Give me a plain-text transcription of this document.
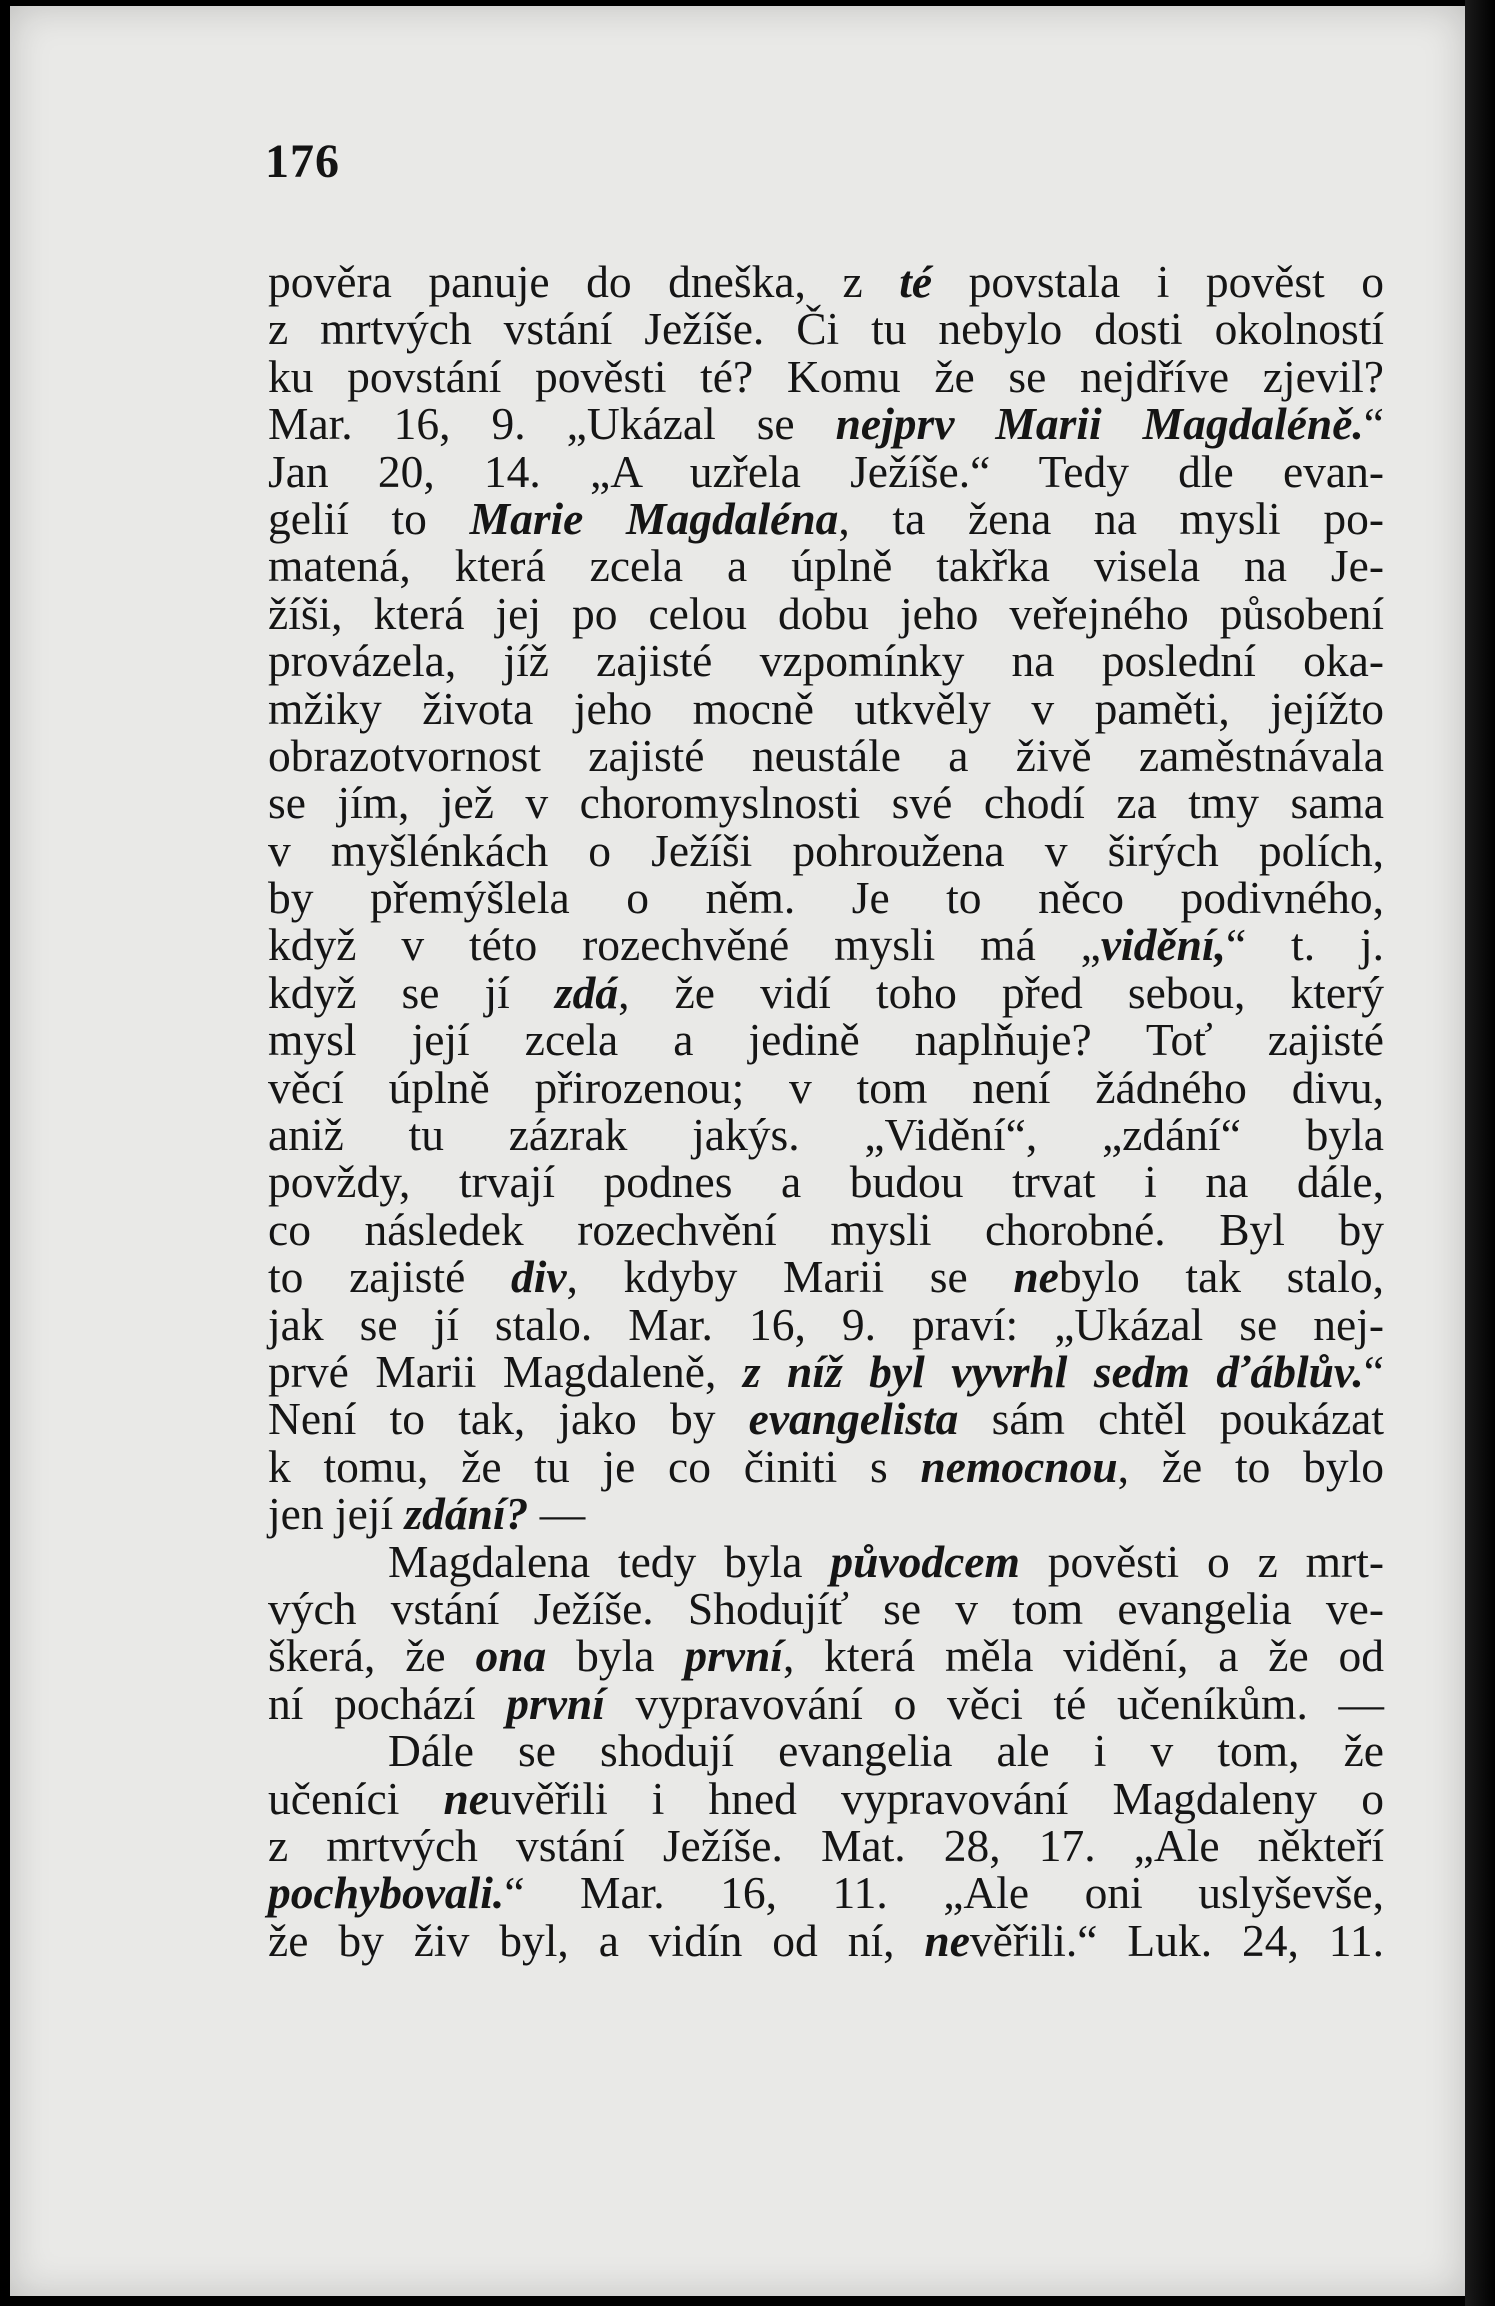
176
pověra panuje do dneška, z té povstala i pověst o
z mrtvých vstání Ježíše. Či tu nebylo dosti okolností
ku povstání pověsti té? Komu že se nejdříve zjevil?
Mar. 16, 9. „Ukázal se nejprv Marii Magdaléně.“
Jan 20, 14. „A uzřela Ježíše.“ Tedy dle evan-
gelií to Marie Magdaléna, ta žena na mysli po-
matená, která zcela a úplně takřka visela na Je-
žíši, která jej po celou dobu jeho veřejného působení
provázela, jíž zajisté vzpomínky na poslední oka-
mžiky života jeho mocně utkvěly v paměti, jejížto
obrazotvornost zajisté neustále a živě zaměstnávala
se jím, jež v choromyslnosti své chodí za tmy sama
v myšlénkách o Ježíši pohroužena v širých polích,
by přemýšlela o něm. Je to něco podivného,
když v této rozechvěné mysli má „vidění,“ t. j.
když se jí zdá, že vidí toho před sebou, který
mysl její zcela a jedině naplňuje? Toť zajisté
věcí úplně přirozenou; v tom není žádného divu,
aniž tu zázrak jakýs. „Vidění“, „zdání“ byla
povždy, trvají podnes a budou trvat i na dále,
co následek rozechvění mysli chorobné. Byl by
to zajisté div, kdyby Marii se nebylo tak stalo,
jak se jí stalo. Mar. 16, 9. praví: „Ukázal se nej-
prvé Marii Magdaleně, z níž byl vyvrhl sedm ďáblův.“
Není to tak, jako by evangelista sám chtěl poukázat
k tomu, že tu je co činiti s nemocnou, že to bylo
jen její zdání? —
Magdalena tedy byla původcem pověsti o z mrt-
vých vstání Ježíše. Shodujíť se v tom evangelia ve-
škerá, že ona byla první, která měla vidění, a že od
ní pochází první vypravování o věci té učeníkům. —
Dále se shodují evangelia ale i v tom, že
učeníci neuvěřili i hned vypravování Magdaleny o
z mrtvých vstání Ježíše. Mat. 28, 17. „Ale někteří
pochybovali.“ Mar. 16, 11. „Ale oni uslyševše,
že by živ byl, a vidín od ní, nevěřili.“ Luk. 24, 11.
